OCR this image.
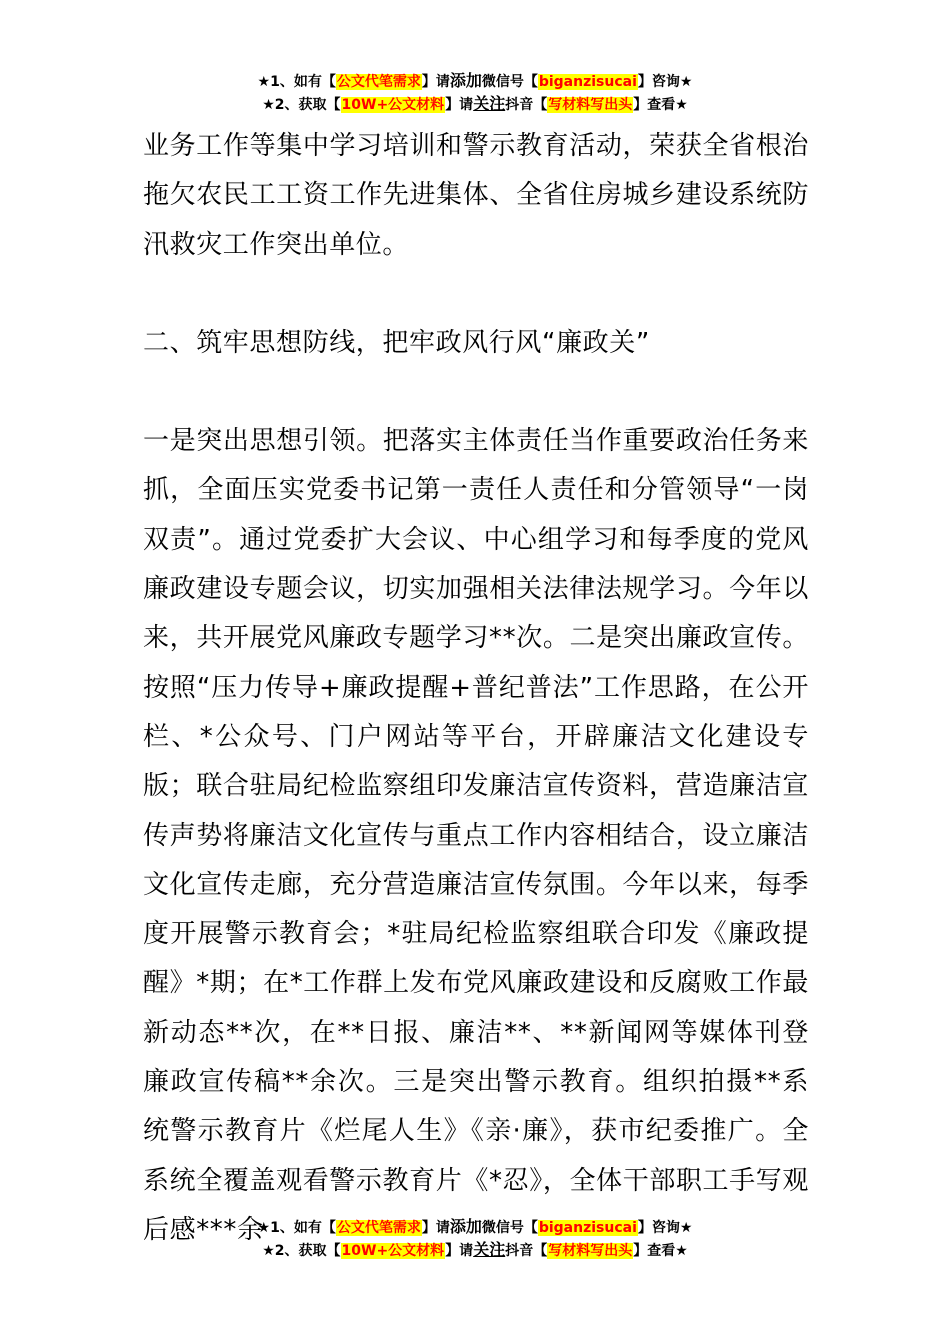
★1、如有【公文代笔需求】请添加微信号【biganzisucai】咨询★
★2、获取【10W+公文材料】请关注抖音【写材料写出头】查看★

业务工作等集中学习培训和警示教育活动，荣获全省根治拖欠农民工工资工作先进集体、全省住房城乡建设系统防汛救灾工作突出单位。

二、筑牢思想防线，把牢政风行风“廉政关”

一是突出思想引领。把落实主体责任当作重要政治任务来抓，全面压实党委书记第一责任人责任和分管领导“一岗双责”。通过党委扩大会议、中心组学习和每季度的党风廉政建设专题会议，切实加强相关法律法规学习。今年以来，共开展党风廉政专题学习**次。二是突出廉政宣传。按照“压力传导+廉政提醒+普纪普法”工作思路，在公开栏、*公众号、门户网站等平台，开辟廉洁文化建设专版；联合驻局纪检监察组印发廉洁宣传资料，营造廉洁宣传声势将廉洁文化宣传与重点工作内容相结合，设立廉洁文化宣传走廊，充分营造廉洁宣传氛围。今年以来，每季度开展警示教育会；*驻局纪检监察组联合印发《廉政提醒》*期；在*工作群上发布党风廉政建设和反腐败工作最新动态**次，在**日报、廉洁**、**新闻网等媒体刊登廉政宣传稿**余次。三是突出警示教育。组织拍摄**系统警示教育片《烂尾人生》《亲·廉》，获市纪委推广。全系统全覆盖观看警示教育片《*忍》，全体干部职工手写观后感***余

★1、如有【公文代笔需求】请添加微信号【biganzisucai】咨询★
★2、获取【10W+公文材料】请关注抖音【写材料写出头】查看★
